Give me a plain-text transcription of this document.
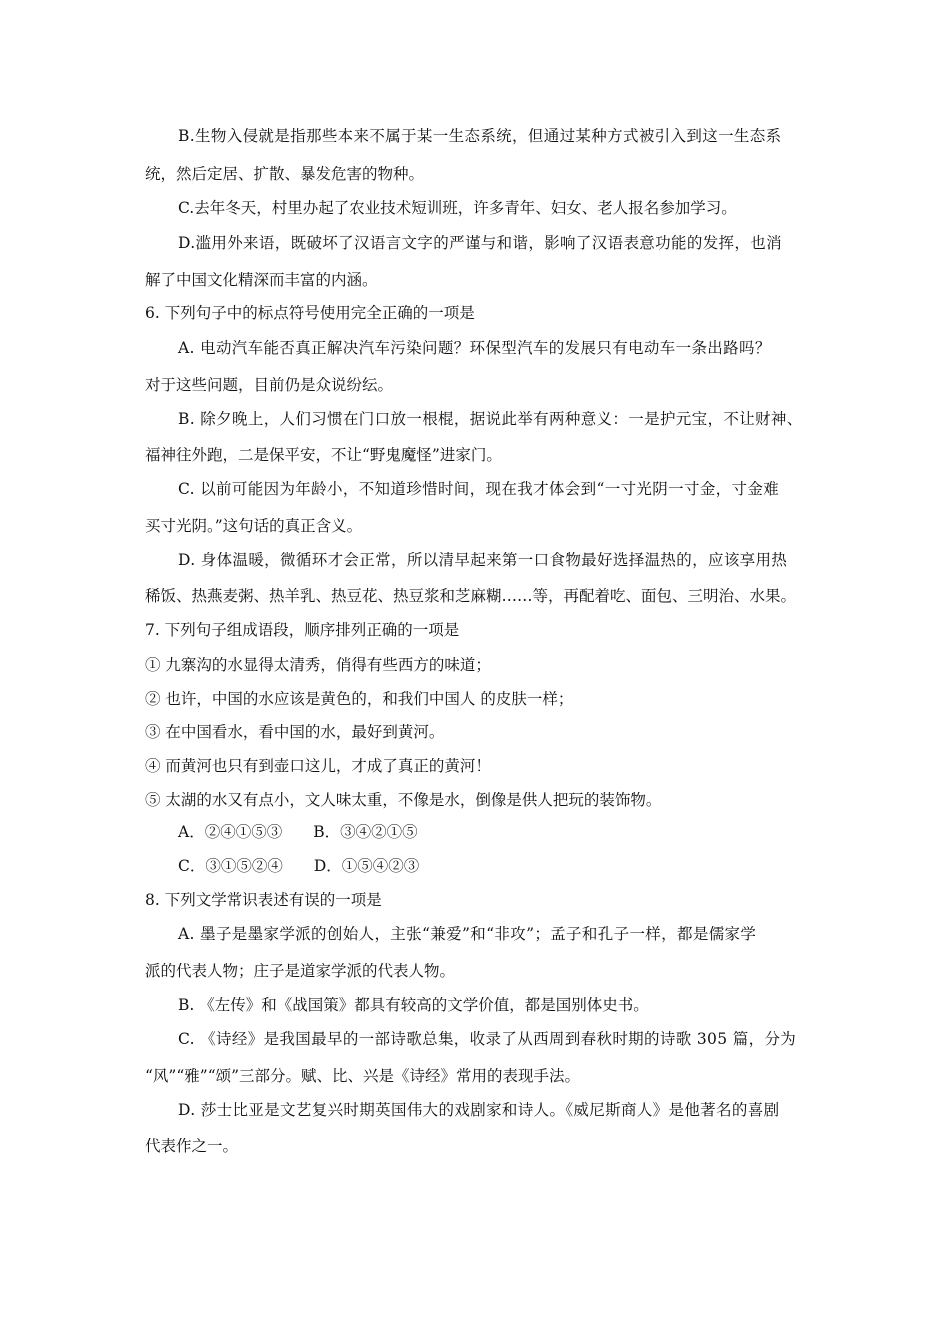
B.生物入侵就是指那些本来不属于某一生态系统，但通过某种方式被引入到这一生态系
统，然后定居、扩散、暴发危害的物种。
C.去年冬天，村里办起了农业技术短训班，许多青年、妇女、老人报名参加学习。
D.滥用外来语，既破坏了汉语言文字的严谨与和谐，影响了汉语表意功能的发挥，也消
解了中国文化精深而丰富的内涵。
6. 下列句子中的标点符号使用完全正确的一项是
A. 电动汽车能否真正解决汽车污染问题？环保型汽车的发展只有电动车一条出路吗？
对于这些问题，目前仍是众说纷纭。
B. 除夕晚上，人们习惯在门口放一根棍，据说此举有两种意义：一是护元宝，不让财神、
福神往外跑，二是保平安，不让“野鬼魔怪”进家门。
C. 以前可能因为年龄小，不知道珍惜时间，现在我才体会到“一寸光阴一寸金，寸金难
买寸光阴。”这句话的真正含义。
D. 身体温暖，微循环才会正常，所以清早起来第一口食物最好选择温热的，应该享用热
稀饭、热燕麦粥、热羊乳、热豆花、热豆浆和芝麻糊……等，再配着吃、面包、三明治、水果。
7. 下列句子组成语段，顺序排列正确的一项是
① 九寨沟的水显得太清秀，俏得有些西方的味道；
② 也许，中国的水应该是黄色的，和我们中国人 的皮肤一样；
③ 在中国看水，看中国的水，最好到黄河。
④ 而黄河也只有到壶口这儿，才成了真正的黄河！
⑤ 太湖的水又有点小，文人味太重，不像是水，倒像是供人把玩的装饰物。
A．②④①⑤③　　B．③④②①⑤
C．③①⑤②④　　D．①⑤④②③
8. 下列文学常识表述有误的一项是
A. 墨子是墨家学派的创始人，主张“兼爱”和“非攻”；孟子和孔子一样，都是儒家学
派的代表人物；庄子是道家学派的代表人物。
B. 《左传》和《战国策》都具有较高的文学价值，都是国别体史书。
C. 《诗经》是我国最早的一部诗歌总集，收录了从西周到春秋时期的诗歌 305 篇，分为
“风”“雅”“颂”三部分。赋、比、兴是《诗经》常用的表现手法。
D. 莎士比亚是文艺复兴时期英国伟大的戏剧家和诗人。《威尼斯商人》是他著名的喜剧
代表作之一。
